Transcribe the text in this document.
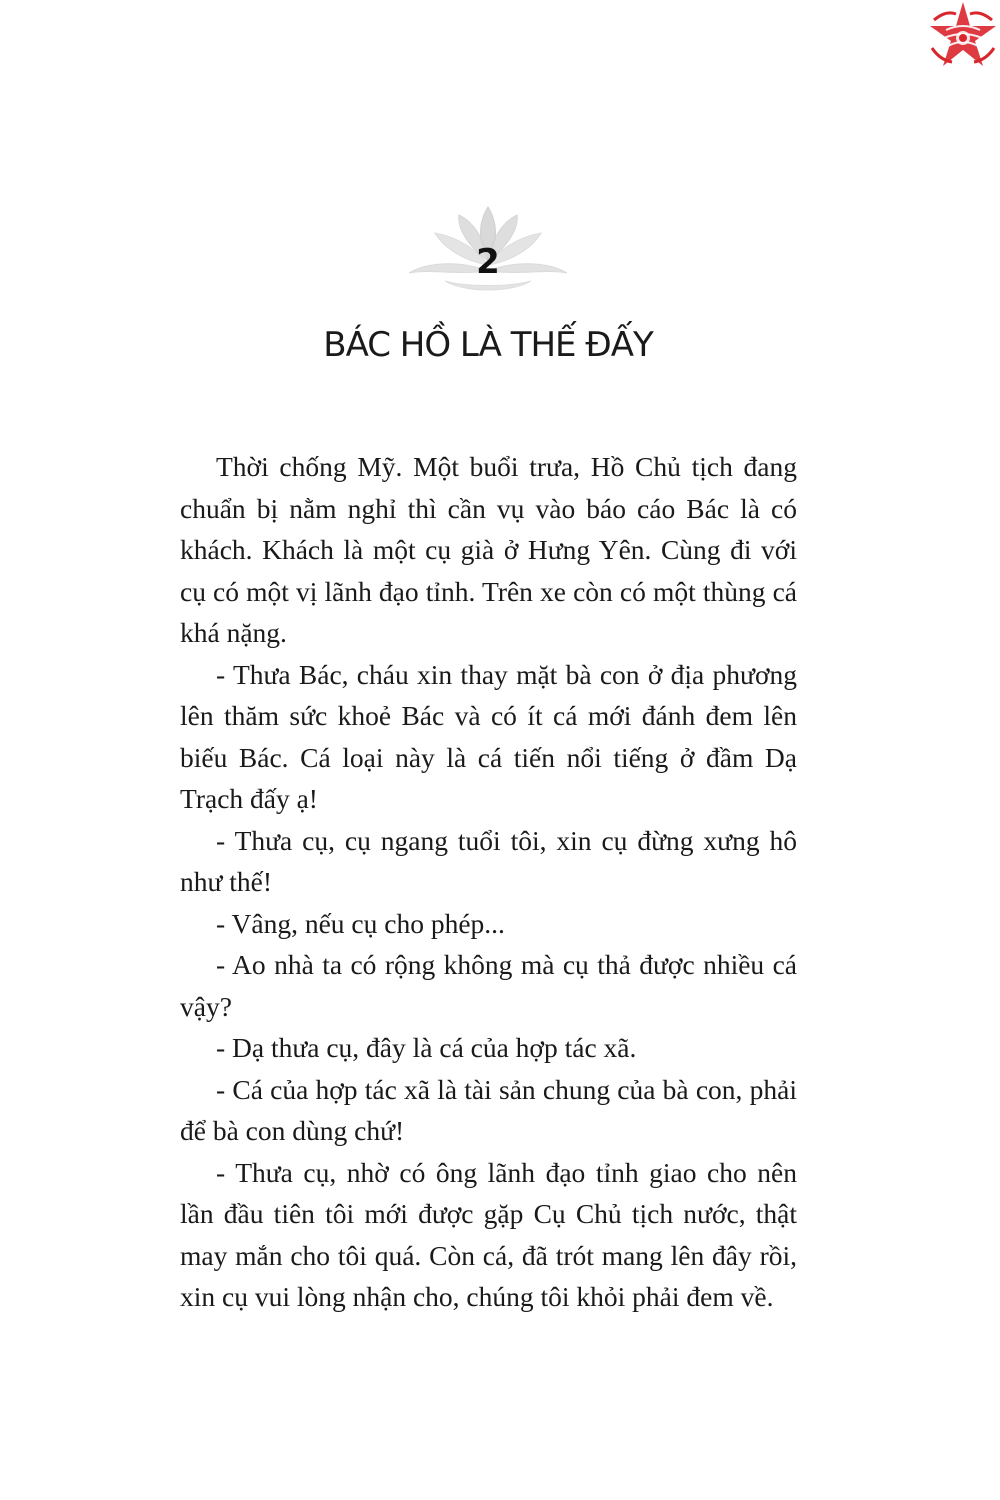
2
BÁC HỒ LÀ THẾ ĐẤY

Thời chống Mỹ. Một buổi trưa, Hồ Chủ tịch đang chuẩn bị nằm nghỉ thì cần vụ vào báo cáo Bác là có khách. Khách là một cụ già ở Hưng Yên. Cùng đi với cụ có một vị lãnh đạo tỉnh. Trên xe còn có một thùng cá khá nặng.

- Thưa Bác, cháu xin thay mặt bà con ở địa phương lên thăm sức khoẻ Bác và có ít cá mới đánh đem lên biếu Bác. Cá loại này là cá tiến nổi tiếng ở đầm Dạ Trạch đấy ạ!

- Thưa cụ, cụ ngang tuổi tôi, xin cụ đừng xưng hô như thế!

- Vâng, nếu cụ cho phép...

- Ao nhà ta có rộng không mà cụ thả được nhiều cá vậy?

- Dạ thưa cụ, đây là cá của hợp tác xã.

- Cá của hợp tác xã là tài sản chung của bà con, phải để bà con dùng chứ!

- Thưa cụ, nhờ có ông lãnh đạo tỉnh giao cho nên lần đầu tiên tôi mới được gặp Cụ Chủ tịch nước, thật may mắn cho tôi quá. Còn cá, đã trót mang lên đây rồi, xin cụ vui lòng nhận cho, chúng tôi khỏi phải đem về.
